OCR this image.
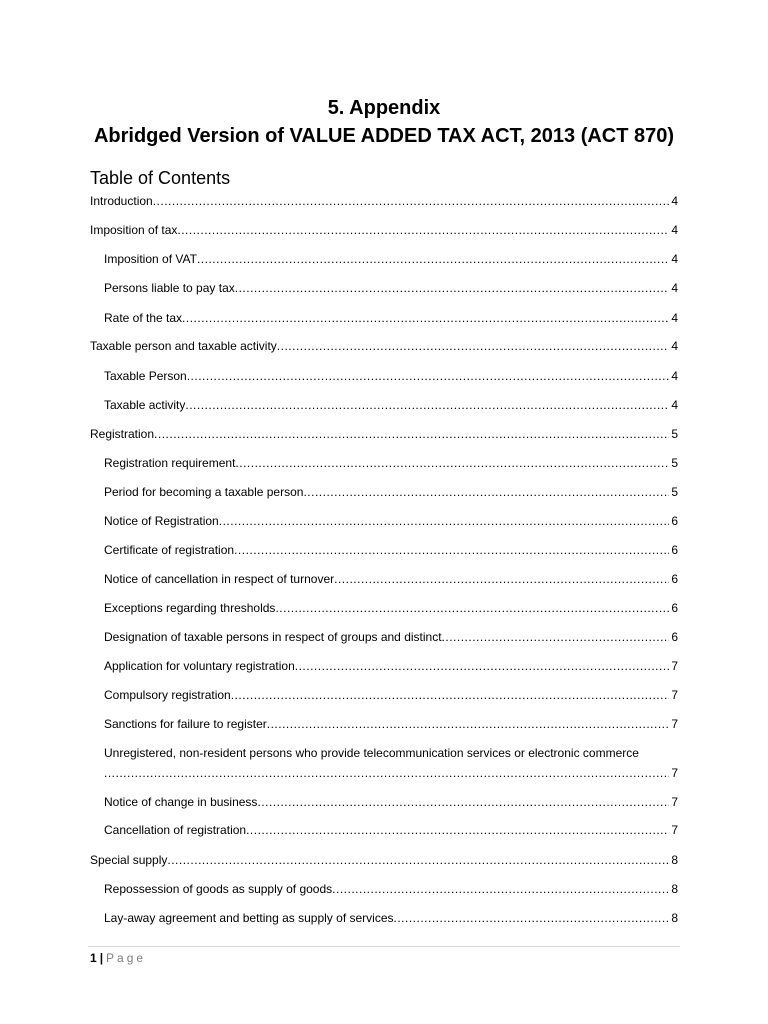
5. Appendix
Abridged Version of VALUE ADDED TAX ACT, 2013 (ACT 870)
Table of Contents
Introduction .....	4
Imposition of tax .....	4
Imposition of VAT .....	4
Persons liable to pay tax .....	4
Rate of the tax .....	4
Taxable person and taxable activity .....	4
Taxable Person .....	4
Taxable activity .....	4
Registration .....	5
Registration requirement .....	5
Period for becoming a taxable person .....	5
Notice of Registration .....	6
Certificate of registration .....	6
Notice of cancellation in respect of turnover .....	6
Exceptions regarding thresholds .....	6
Designation of taxable persons in respect of groups and distinct .....	6
Application for voluntary registration .....	7
Compulsory registration .....	7
Sanctions for failure to register .....	7
Unregistered, non-resident persons who provide telecommunication services or electronic commerce
.....
7
Notice of change in business .....	7
Cancellation of registration .....	7
Special supply .....	8
Repossession of goods as supply of goods .....	8
Lay-away agreement and betting as supply of services .....	8
1 | Page
